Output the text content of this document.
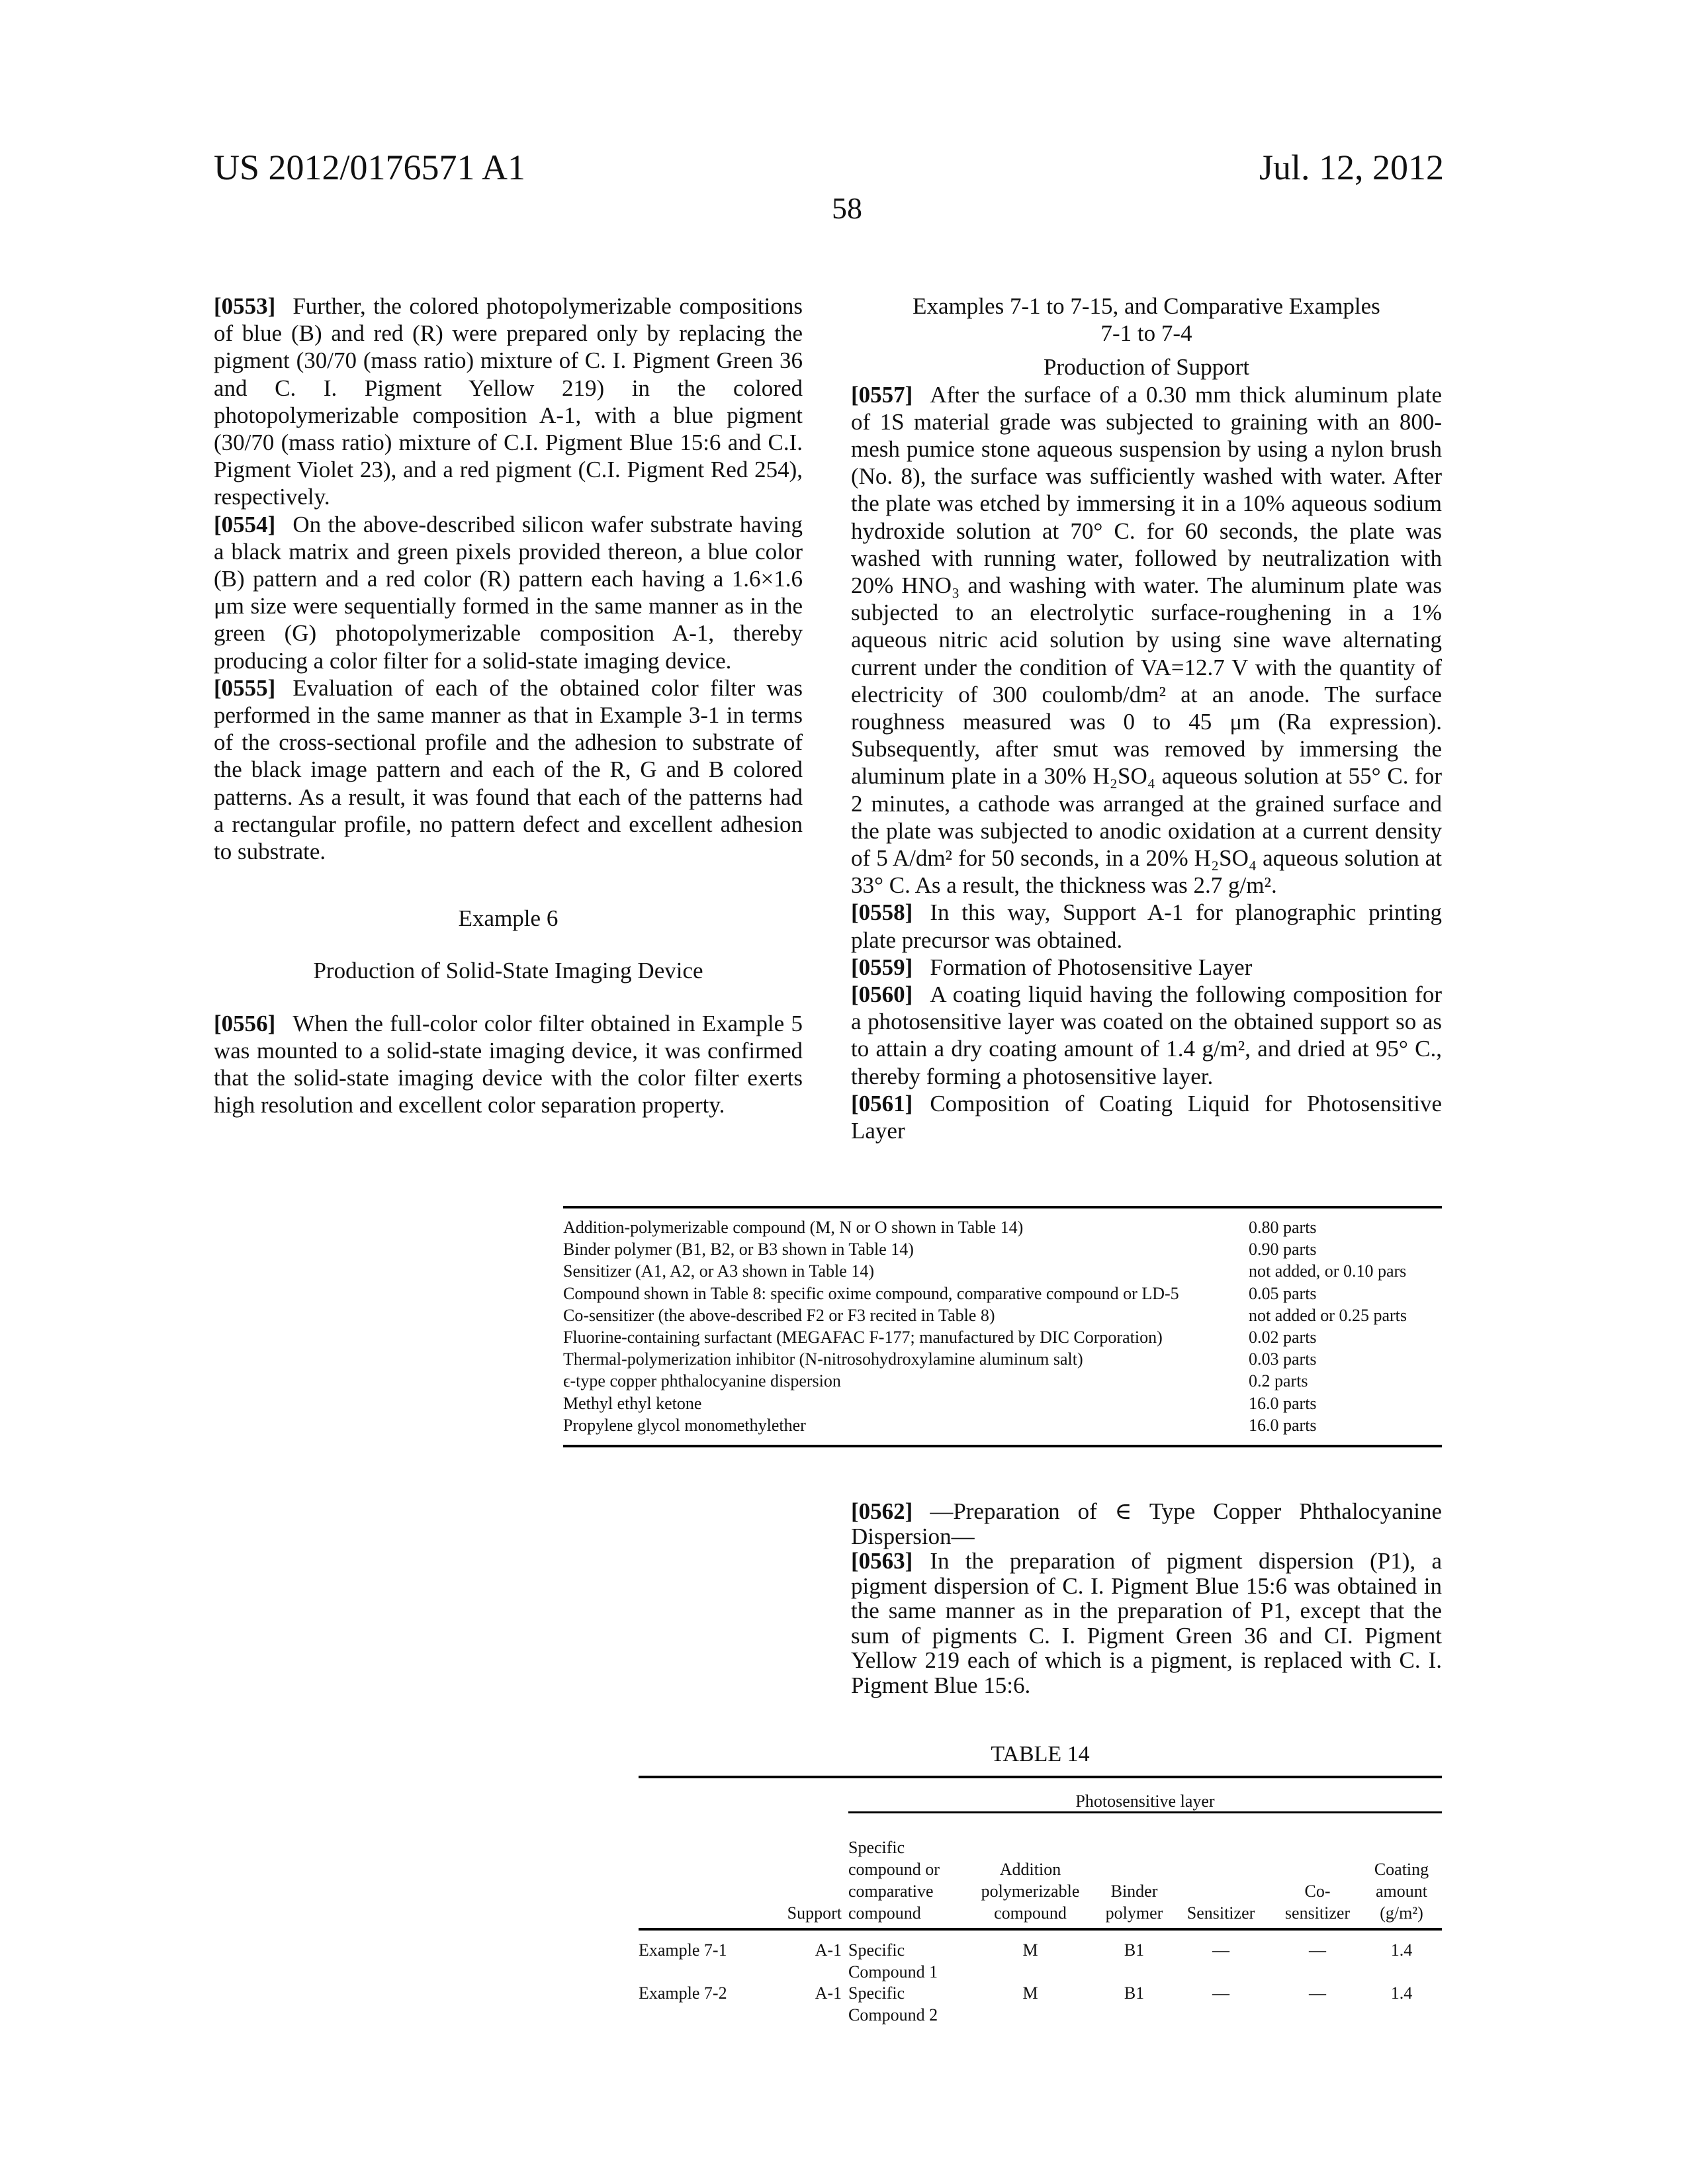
US 2012/0176571 A1	Jul. 12, 2012
58

[0553] Further, the colored photopolymerizable compositions of blue (B) and red (R) were prepared only by replacing the pigment (30/70 (mass ratio) mixture of C. I. Pigment Green 36 and C. I. Pigment Yellow 219) in the colored photopolymerizable composition A-1, with a blue pigment (30/70 (mass ratio) mixture of C.I. Pigment Blue 15:6 and C.I. Pigment Violet 23), and a red pigment (C.I. Pigment Red 254), respectively.

[0554] On the above-described silicon wafer substrate having a black matrix and green pixels provided thereon, a blue color (B) pattern and a red color (R) pattern each having a 1.6×1.6 μm size were sequentially formed in the same manner as in the green (G) photopolymerizable composition A-1, thereby producing a color filter for a solid-state imaging device.

[0555] Evaluation of each of the obtained color filter was performed in the same manner as that in Example 3-1 in terms of the cross-sectional profile and the adhesion to substrate of the black image pattern and each of the R, G and B colored patterns. As a result, it was found that each of the patterns had a rectangular profile, no pattern defect and excellent adhesion to substrate.

Example 6
Production of Solid-State Imaging Device

[0556] When the full-color color filter obtained in Example 5 was mounted to a solid-state imaging device, it was confirmed that the solid-state imaging device with the color filter exerts high resolution and excellent color separation property.

Examples 7-1 to 7-15, and Comparative Examples
7-1 to 7-4
Production of Support

[0557] After the surface of a 0.30 mm thick aluminum plate of 1S material grade was subjected to graining with an 800-mesh pumice stone aqueous suspension by using a nylon brush (No. 8), the surface was sufficiently washed with water. After the plate was etched by immersing it in a 10% aqueous sodium hydroxide solution at 70° C. for 60 seconds, the plate was washed with running water, followed by neutralization with 20% HNO₃ and washing with water. The aluminum plate was subjected to an electrolytic surface-roughening in a 1% aqueous nitric acid solution by using sine wave alternating current under the condition of VA=12.7 V with the quantity of electricity of 300 coulomb/dm² at an anode. The surface roughness measured was 0 to 45 μm (Ra expression). Subsequently, after smut was removed by immersing the aluminum plate in a 30% H₂SO₄ aqueous solution at 55° C. for 2 minutes, a cathode was arranged at the grained surface and the plate was subjected to anodic oxidation at a current density of 5 A/dm² for 50 seconds, in a 20% H₂SO₄ aqueous solution at 33° C. As a result, the thickness was 2.7 g/m².

[0558] In this way, Support A-1 for planographic printing plate precursor was obtained.

[0559] Formation of Photosensitive Layer

[0560] A coating liquid having the following composition for a photosensitive layer was coated on the obtained support so as to attain a dry coating amount of 1.4 g/m², and dried at 95° C., thereby forming a photosensitive layer.

[0561] Composition of Coating Liquid for Photosensitive Layer

Addition-polymerizable compound (M, N or O shown in Table 14)	0.80 parts
Binder polymer (B1, B2, or B3 shown in Table 14)	0.90 parts
Sensitizer (A1, A2, or A3 shown in Table 14)	not added, or 0.10 pars
Compound shown in Table 8: specific oxime compound, comparative compound or LD-5	0.05 parts
Co-sensitizer (the above-described F2 or F3 recited in Table 8)	not added or 0.25 parts
Fluorine-containing surfactant (MEGAFAC F-177; manufactured by DIC Corporation)	0.02 parts
Thermal-polymerization inhibitor (N-nitrosohydroxylamine aluminum salt)	0.03 parts
ϵ-type copper phthalocyanine dispersion	0.2 parts
Methyl ethyl ketone	16.0 parts
Propylene glycol monomethylether	16.0 parts

[0562] —Preparation of ∈ Type Copper Phthalocyanine Dispersion—

[0563] In the preparation of pigment dispersion (P1), a pigment dispersion of C. I. Pigment Blue 15:6 was obtained in the same manner as in the preparation of P1, except that the sum of pigments C. I. Pigment Green 36 and CI. Pigment Yellow 219 each of which is a pigment, is replaced with C. I. Pigment Blue 15:6.

TABLE 14
Photosensitive layer
Support
Specific
compound or
comparative
compound
Addition
polymerizable
compound
Binder
polymer Sensitizer
Co-
sensitizer
Coating
amount
(g/m²)
Example 7-1	A-1 Specific
Compound 1
M	B1	—	—	1.4
Example 7-2	A-1 Specific
Compound 2
M	B1	—	—	1.4
